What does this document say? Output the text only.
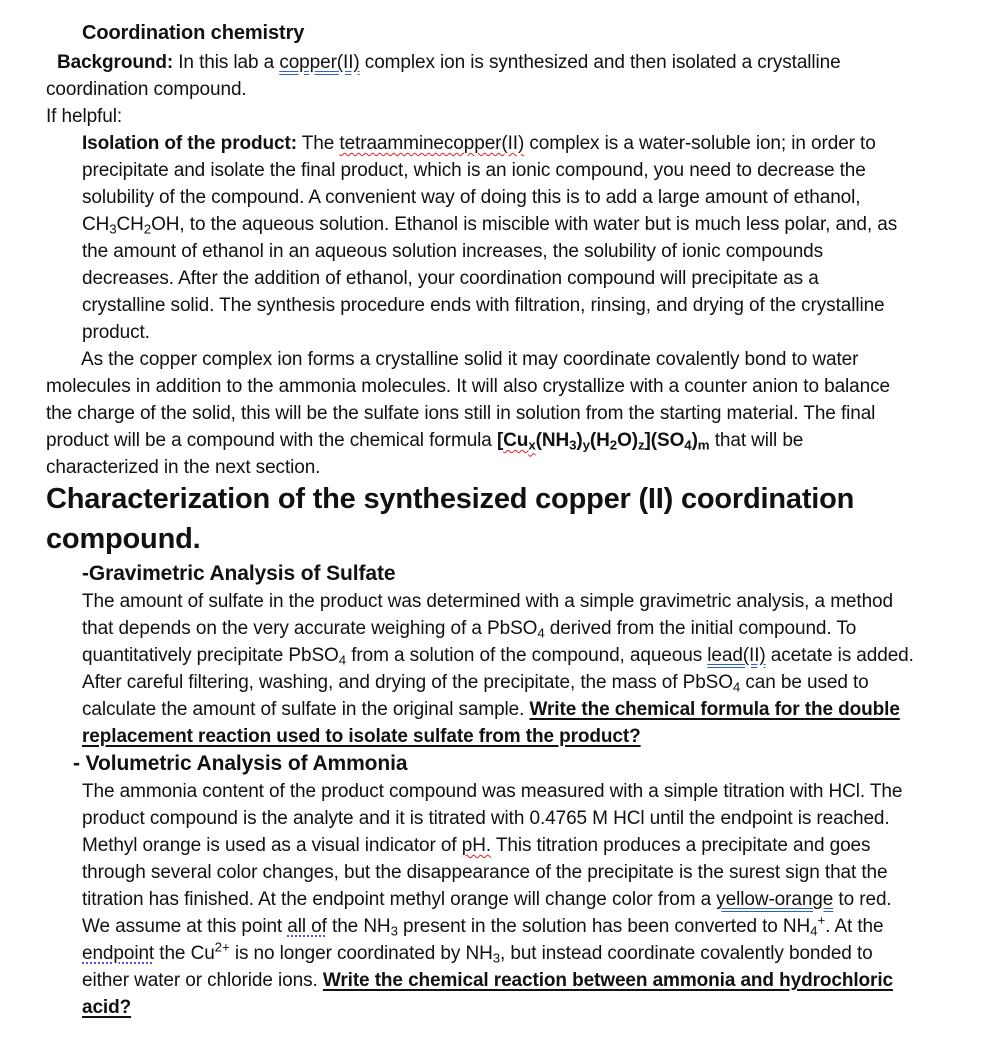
Coordination chemistry
Background: In this lab a copper(II) complex ion is synthesized and then isolated a crystalline
coordination compound.
If helpful:
Isolation of the product: The tetraamminecopper(II) complex is a water-soluble ion; in order to
precipitate and isolate the final product, which is an ionic compound, you need to decrease the
solubility of the compound. A convenient way of doing this is to add a large amount of ethanol,
$CH_3CH_2OH$, to the aqueous solution. Ethanol is miscible with water but is much less polar, and, as
the amount of ethanol in an aqueous solution increases, the solubility of ionic compounds
decreases. After the addition of ethanol, your coordination compound will precipitate as a
crystalline solid. The synthesis procedure ends with filtration, rinsing, and drying of the crystalline
product.
As the copper complex ion forms a crystalline solid it may coordinate covalently bond to water
molecules in addition to the ammonia molecules. It will also crystallize with a counter anion to balance
the charge of the solid, this will be the sulfate ions still in solution from the starting material. The final
product will be a compound with the chemical formula $[Cu_x(NH_3)_y(H_2O)_z](SO_4)_m$ that will be
characterized in the next section.
Characterization of the synthesized copper (II) coordination
compound.
-Gravimetric Analysis of Sulfate
The amount of sulfate in the product was determined with a simple gravimetric analysis, a method
that depends on the very accurate weighing of a PbSO$_4$ derived from the initial compound. To
quantitatively precipitate PbSO$_4$ from a solution of the compound, aqueous lead(II) acetate is added.
After careful filtering, washing, and drying of the precipitate, the mass of PbSO$_4$ can be used to
calculate the amount of sulfate in the original sample. Write the chemical formula for the double
replacement reaction used to isolate sulfate from the product?
- Volumetric Analysis of Ammonia
The ammonia content of the product compound was measured with a simple titration with HCl. The
product compound is the analyte and it is titrated with 0.4765 M HCl until the endpoint is reached.
Methyl orange is used as a visual indicator of pH. This titration produces a precipitate and goes
through several color changes, but the disappearance of the precipitate is the surest sign that the
titration has finished. At the endpoint methyl orange will change color from a yellow-orange to red.
We assume at this point all of the $NH_3$ present in the solution has been converted to $NH_4^+$. At the
endpoint the $Cu^{2+}$ is no longer coordinated by $NH_3$, but instead coordinate covalently bonded to
either water or chloride ions. Write the chemical reaction between ammonia and hydrochloric
acid?
